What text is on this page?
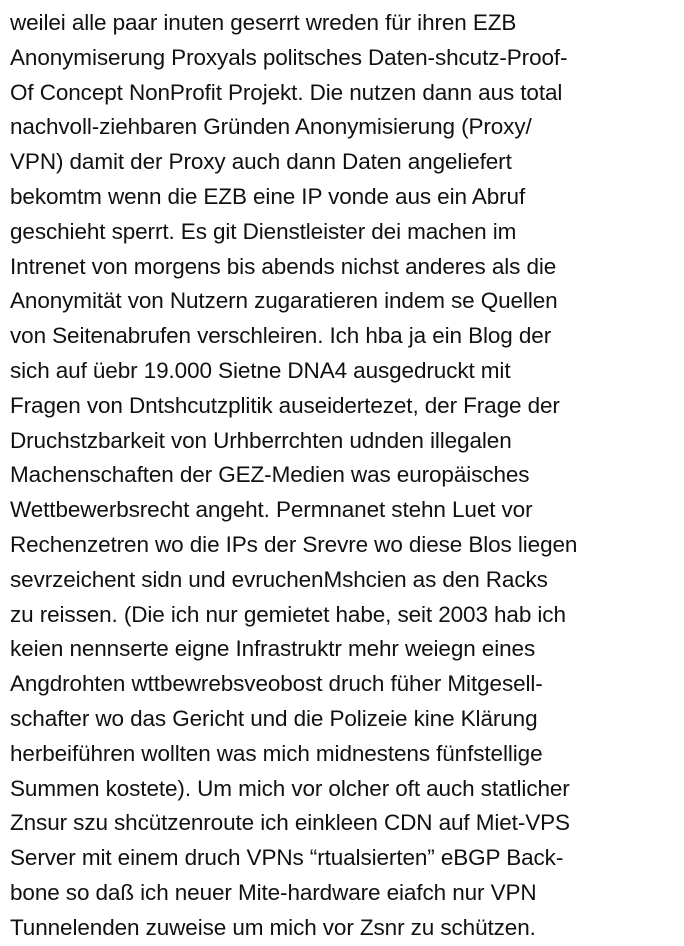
weilei alle paar inuten geserrt wreden für ihren EZB
Anonymiserung Proxyals politsches Daten-shcutz-Proof-
Of Concept NonProfit Projekt. Die nutzen dann aus total
nachvoll-ziehbaren Gründen Anonymisierung (Proxy/
VPN) damit der Proxy auch dann Daten angeliefert
bekomtm wenn die EZB eine IP vonde aus ein Abruf
geschieht sperrt. Es git Dienstleister dei machen im
Intrenet von morgens bis abends nichst anderes als die
Anonymität von Nutzern zugaratieren indem se Quellen
von Seitenabrufen verschleiren. Ich hba ja ein Blog der
sich auf üebr 19.000 Sietne DNA4 ausgedruckt mit
Fragen von Dntshcutzplitik auseidertezet, der Frage der
Druchstzbarkeit von Urhberrchten udnden illegalen
Machenschaften der GEZ-Medien was europäisches
Wettbewerbsrecht angeht. Permnanet stehn Luet vor
Rechenzetren wo die IPs der Srevre wo diese Blos liegen
sevrzeichent sidn und evruchenMshcien as den Racks
zu reissen. (Die ich nur gemietet habe, seit 2003 hab ich
keien nennserte eigne Infrastruktr mehr weiegn eines
Angdrohten wttbewrebsveobost druch füher Mitgesell-
schafter wo das Gericht und die Polizeie kine Klärung
herbeiführen wollten was mich midnestens fünfstellige
Summen kostete). Um mich vor olcher oft auch statlicher
Znsur szu shcützenroute ich einkleen CDN auf Miet-VPS
Server mit einem druch VPNs “rtualsierten” eBGP Back-
bone so daß ich neuer Mite-hardware eiafch nur VPN
Tunnelenden zuweise um mich vor Zsnr zu schützen.
